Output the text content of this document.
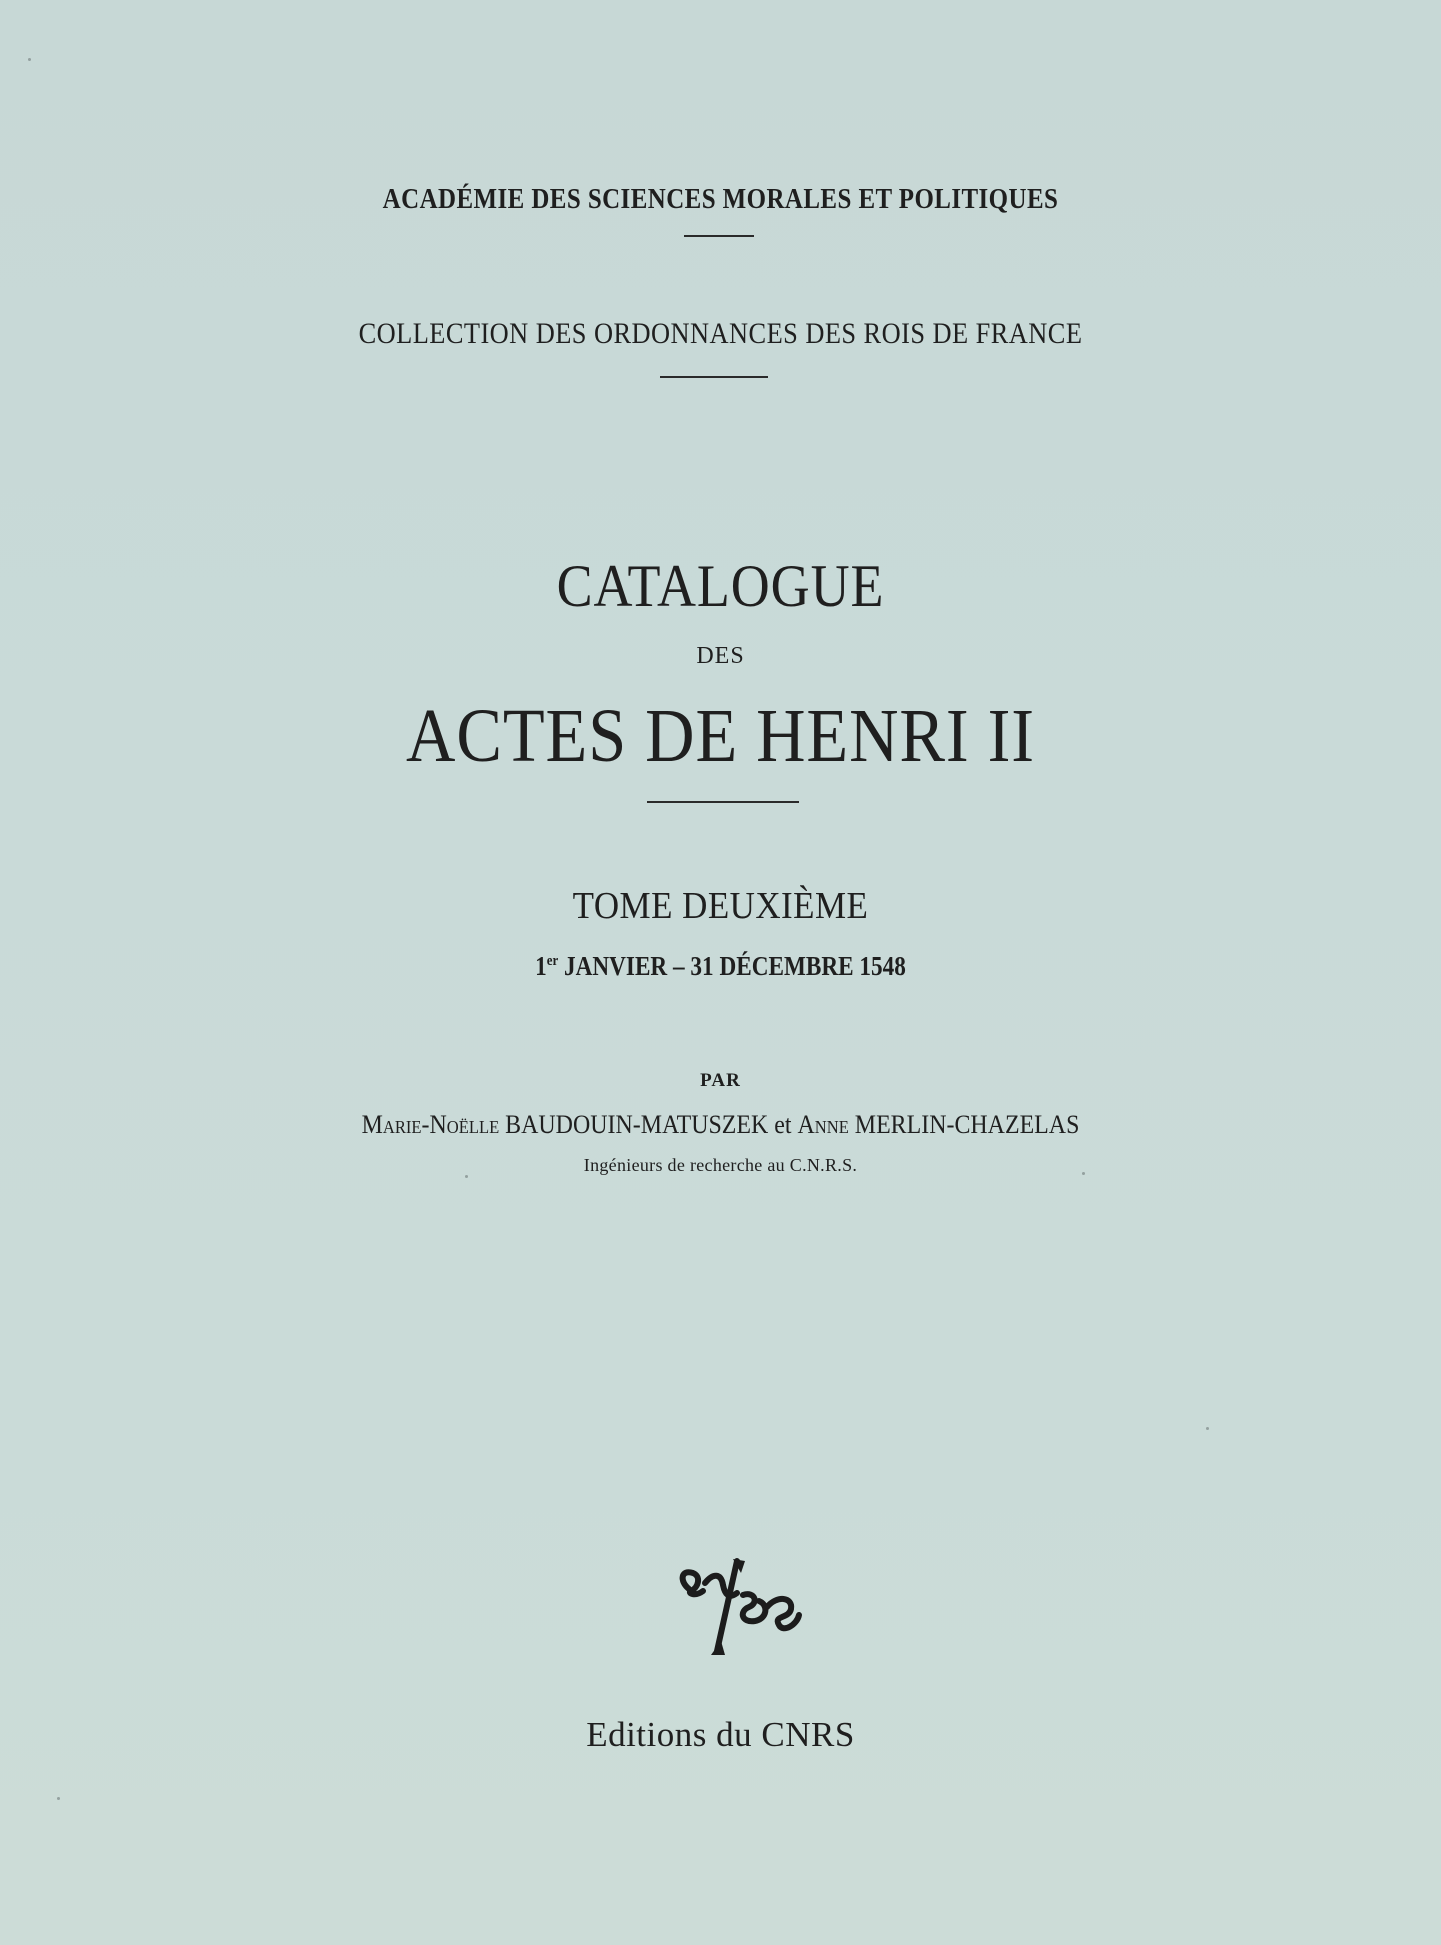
ACADÉMIE DES SCIENCES MORALES ET POLITIQUES
COLLECTION DES ORDONNANCES DES ROIS DE FRANCE
CATALOGUE
DES
ACTES DE HENRI II
TOME DEUXIÈME
1er JANVIER – 31 DÉCEMBRE 1548
PAR
Marie-Noëlle BAUDOUIN-MATUSZEK et Anne MERLIN-CHAZELAS
Ingénieurs de recherche au C.N.R.S.
Editions du CNRS
